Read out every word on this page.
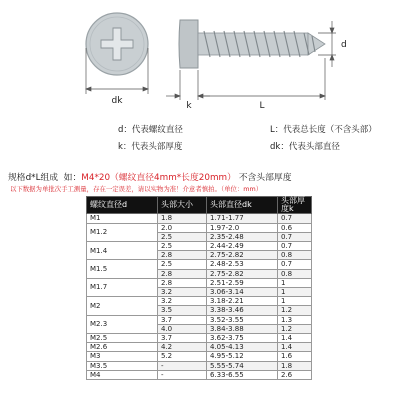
dk
d
k	L
d：代表螺纹直径	L：代表总长度（不含头部）
k：代表头部厚度	dk：代表头部直径
规格d*L组成 如：M4*20（螺纹直径4mm*长度20mm） 不含头部厚度
以下数据为单批次手工测量，存在一定误差，请以实物为准！介意者慎拍。（单位：mm）
螺纹直径d	头部大小	头部直径dk	头部厚度k
M1	1.8	1.71-1.77	0.7
M1.2	2.0	1.97-2.0	0.6
	2.5	2.35-2.48	0.7
M1.4	2.5	2.44-2.49	0.7
	2.8	2.75-2.82	0.8
M1.5	2.5	2.48-2.53	0.7
	2.8	2.75-2.82	0.8
M1.7	2.8	2.51-2.59	1
	3.2	3.06-3.14	1
M2	3.2	3.18-2.21	1
	3.5	3.38-3.46	1.2
M2.3	3.7	3.52-3.55	1.3
	4.0	3.84-3.88	1.2
M2.5	3.7	3.62-3.75	1.4
M2.6	4.2	4.05-4.13	1.4
M3	5.2	4.95-5.12	1.6
M3.5	-	5.55-5.74	1.8
M4	-	6.33-6.55	2.6
